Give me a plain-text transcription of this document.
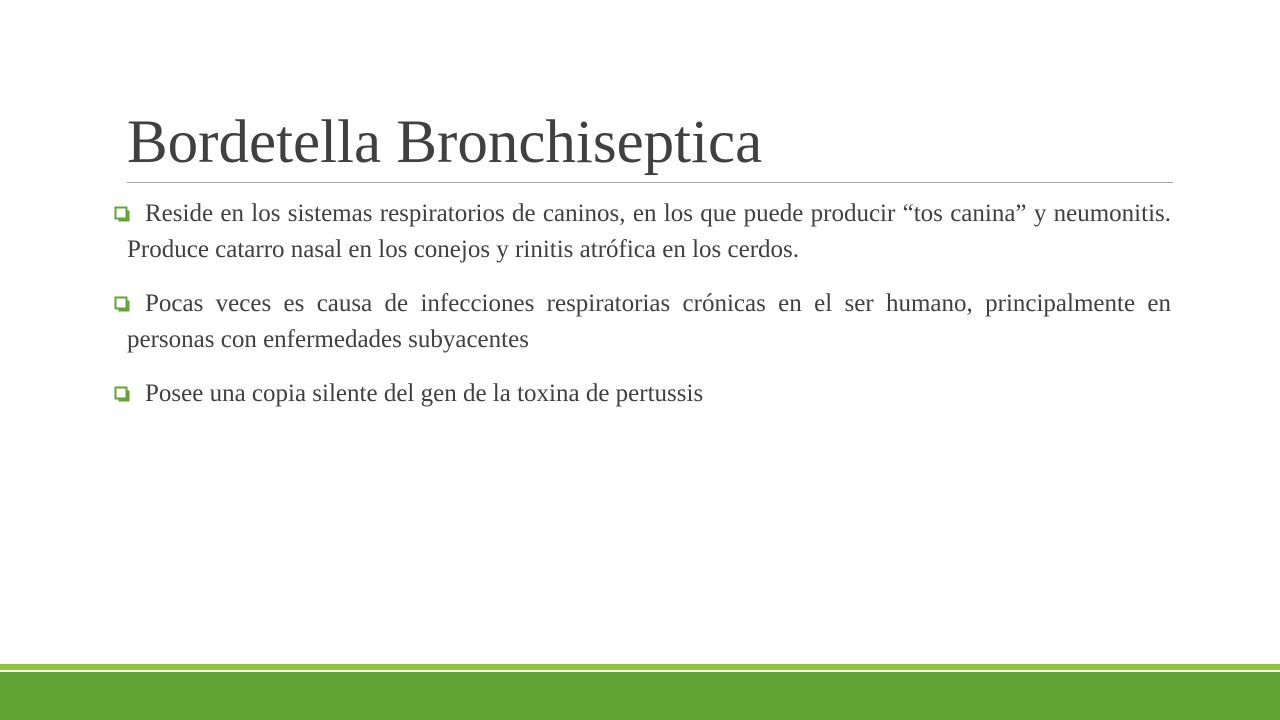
Bordetella Bronchiseptica
Reside en los sistemas respiratorios de caninos, en los que puede producir “tos canina” y neumonitis. Produce catarro nasal en los conejos y rinitis atrófica en los cerdos.
Pocas veces es causa de infecciones respiratorias crónicas en el ser humano, principalmente en personas con enfermedades subyacentes
Posee una copia silente del gen de la toxina de pertussis
